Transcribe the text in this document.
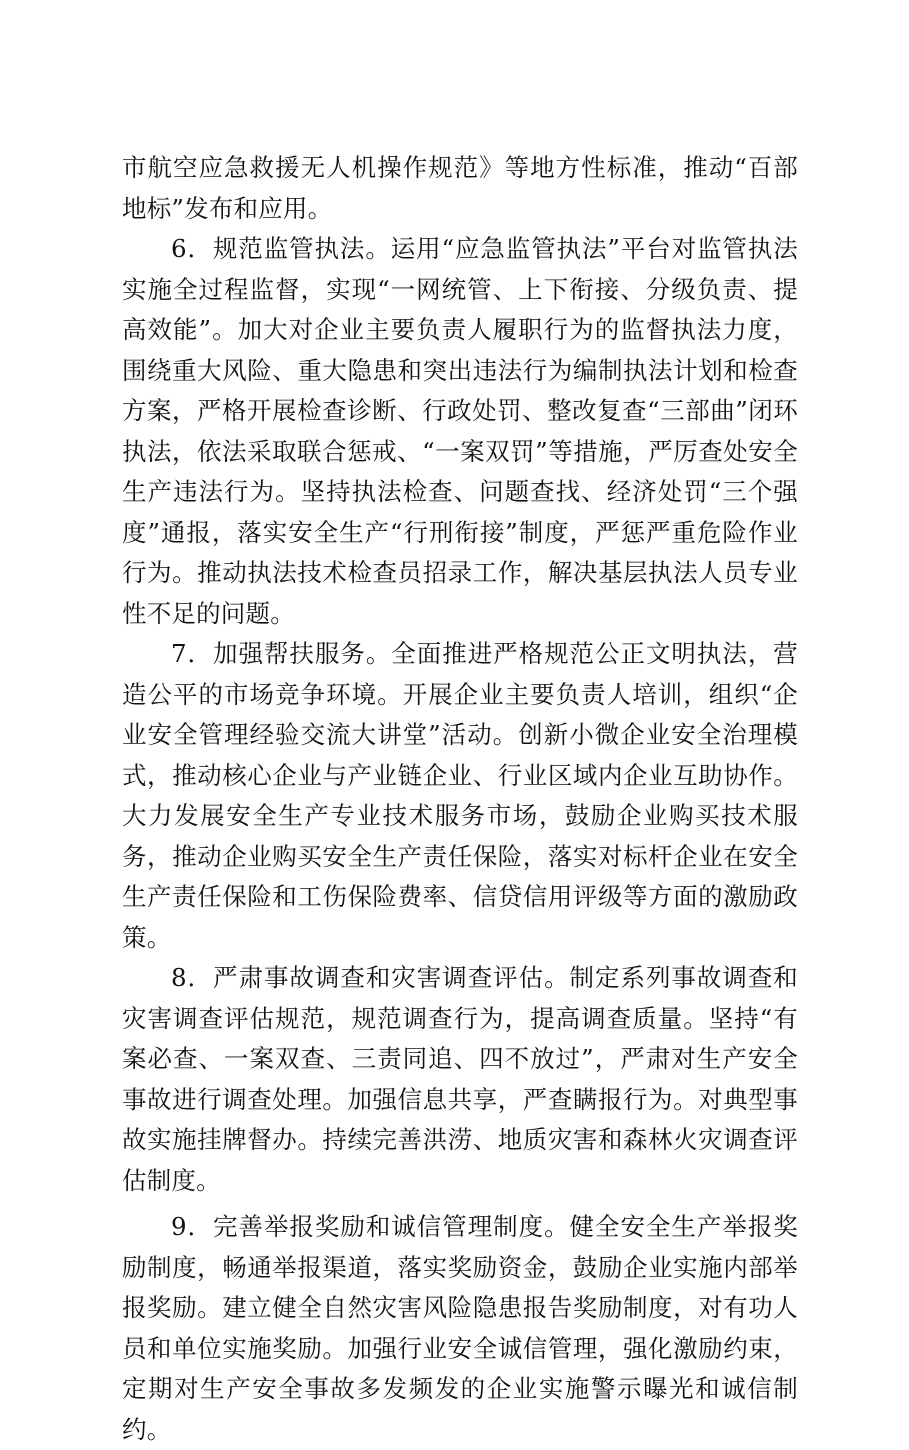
市航空应急救援无人机操作规范》等地方性标准，推动“百部地标”发布和应用。

6．规范监管执法。运用“应急监管执法”平台对监管执法实施全过程监督，实现“一网统管、上下衔接、分级负责、提高效能”。加大对企业主要负责人履职行为的监督执法力度，围绕重大风险、重大隐患和突出违法行为编制执法计划和检查方案，严格开展检查诊断、行政处罚、整改复查“三部曲”闭环执法，依法采取联合惩戒、“一案双罚”等措施，严厉查处安全生产违法行为。坚持执法检查、问题查找、经济处罚“三个强度”通报，落实安全生产“行刑衔接”制度，严惩严重危险作业行为。推动执法技术检查员招录工作，解决基层执法人员专业性不足的问题。

7．加强帮扶服务。全面推进严格规范公正文明执法，营造公平的市场竞争环境。开展企业主要负责人培训，组织“企业安全管理经验交流大讲堂”活动。创新小微企业安全治理模式，推动核心企业与产业链企业、行业区域内企业互助协作。大力发展安全生产专业技术服务市场，鼓励企业购买技术服务，推动企业购买安全生产责任保险，落实对标杆企业在安全生产责任保险和工伤保险费率、信贷信用评级等方面的激励政策。

8．严肃事故调查和灾害调查评估。制定系列事故调查和灾害调查评估规范，规范调查行为，提高调查质量。坚持“有案必查、一案双查、三责同追、四不放过”，严肃对生产安全事故进行调查处理。加强信息共享，严查瞒报行为。对典型事故实施挂牌督办。持续完善洪涝、地质灾害和森林火灾调查评估制度。

9．完善举报奖励和诚信管理制度。健全安全生产举报奖励制度，畅通举报渠道，落实奖励资金，鼓励企业实施内部举报奖励。建立健全自然灾害风险隐患报告奖励制度，对有功人员和单位实施奖励。加强行业安全诚信管理，强化激励约束，定期对生产安全事故多发频发的企业实施警示曝光和诚信制约。
